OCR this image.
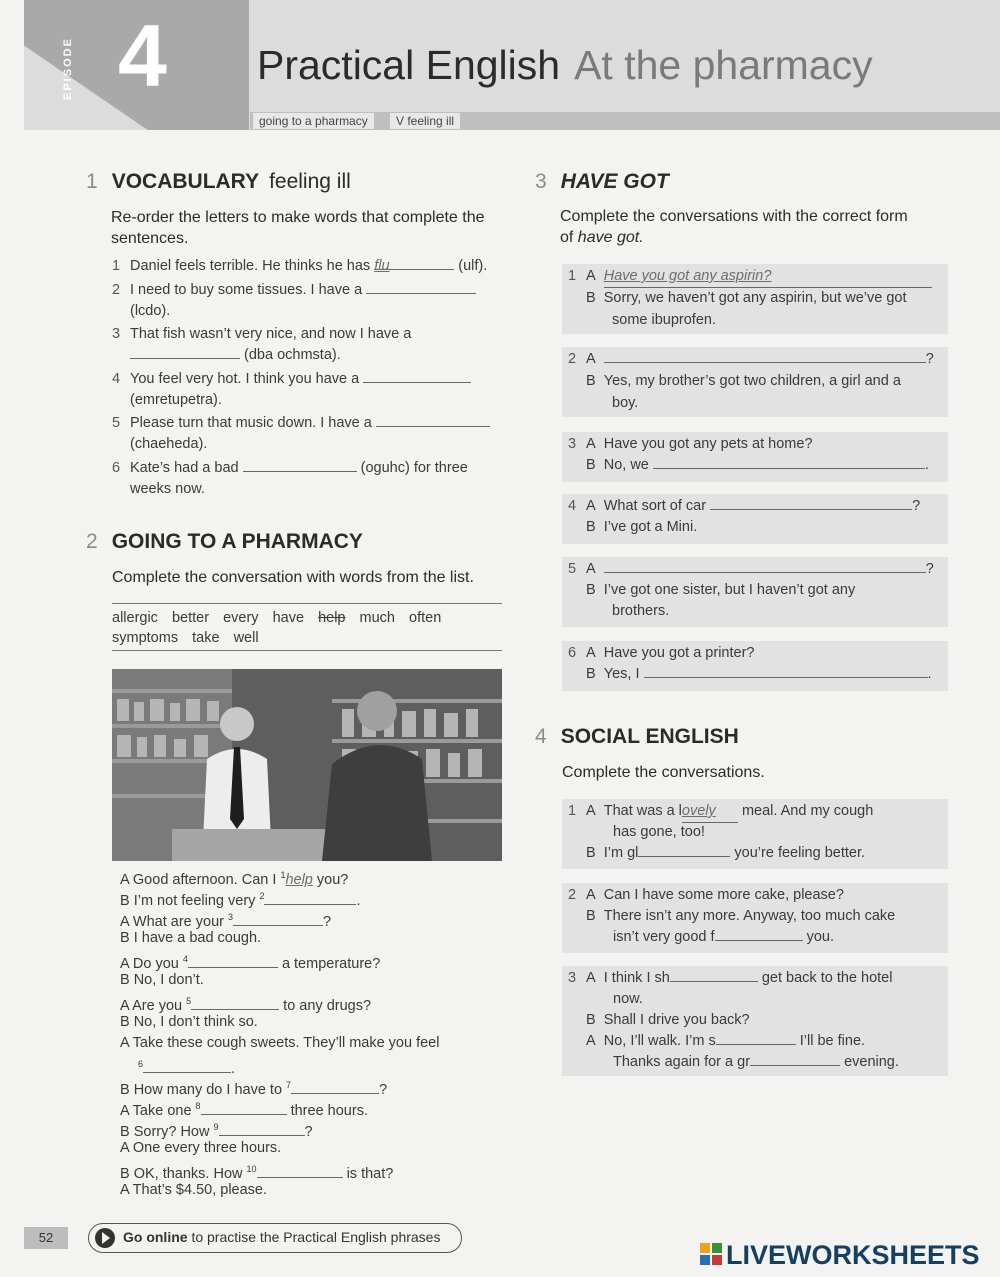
EPISODE 4 Practical English At the pharmacy
going to a pharmacy	V feeling ill
1 VOCABULARY feeling ill
Re-order the letters to make words that complete the sentences.
1 Daniel feels terrible. He thinks he has flu	(ulf).
2 I need to buy some tissues. I have a
(lcdo).
3 That fish wasn’t very nice, and now I have a
(dba ochmsta).
4 You feel very hot. I think you have a
(emretupetra).
5 Please turn that music down. I have a
(chaeheda).
6 Kate’s had a bad	(oguhc) for three
weeks now.
2 GOING TO A PHARMACY
Complete the conversation with words from the list.
allergic better every have help much often
symptoms take well
A Good afternoon. Can I $^1$help you?
B I’m not feeling very $^2$	.
A What are your $^3$	?
B I have a bad cough.
A Do you $^4$	a temperature?
B No, I don’t.
A Are you $^5$	to any drugs?
B No, I don’t think so.
A Take these cough sweets. They’ll make you feel
$^6$	.
B How many do I have to $^7$	?
A Take one $^8$	three hours.
B Sorry? How $^9$	?
A One every three hours.
B OK, thanks. How $^{10}$	is that?
A That’s $4.50, please.
3 HAVE GOT
Complete the conversations with the correct form
of have got.
1 A Have you got any aspirin?
B Sorry, we haven’t got any aspirin, but we’ve got
some ibuprofen.
2 A	?
B Yes, my brother’s got two children, a girl and a
boy.
3 A Have you got any pets at home?
B No, we	.
4 A What sort of car	?
B I’ve got a Mini.
5 A	?
B I’ve got one sister, but I haven’t got any
brothers.
6 A Have you got a printer?
B Yes, I	.
4 SOCIAL ENGLISH
Complete the conversations.
1 A That was a lovely meal. And my cough
has gone, too!
B I’m gl	you’re feeling better.
2 A Can I have some more cake, please?
B There isn’t any more. Anyway, too much cake
isn’t very good f	you.
3 A I think I sh	get back to the hotel
now.
B Shall I drive you back?
A No, I’ll walk. I’m s	I’ll be fine.
Thanks again for a gr	evening.
52	Go online to practise the Practical English phrases
LIVEWORKSHEETS
